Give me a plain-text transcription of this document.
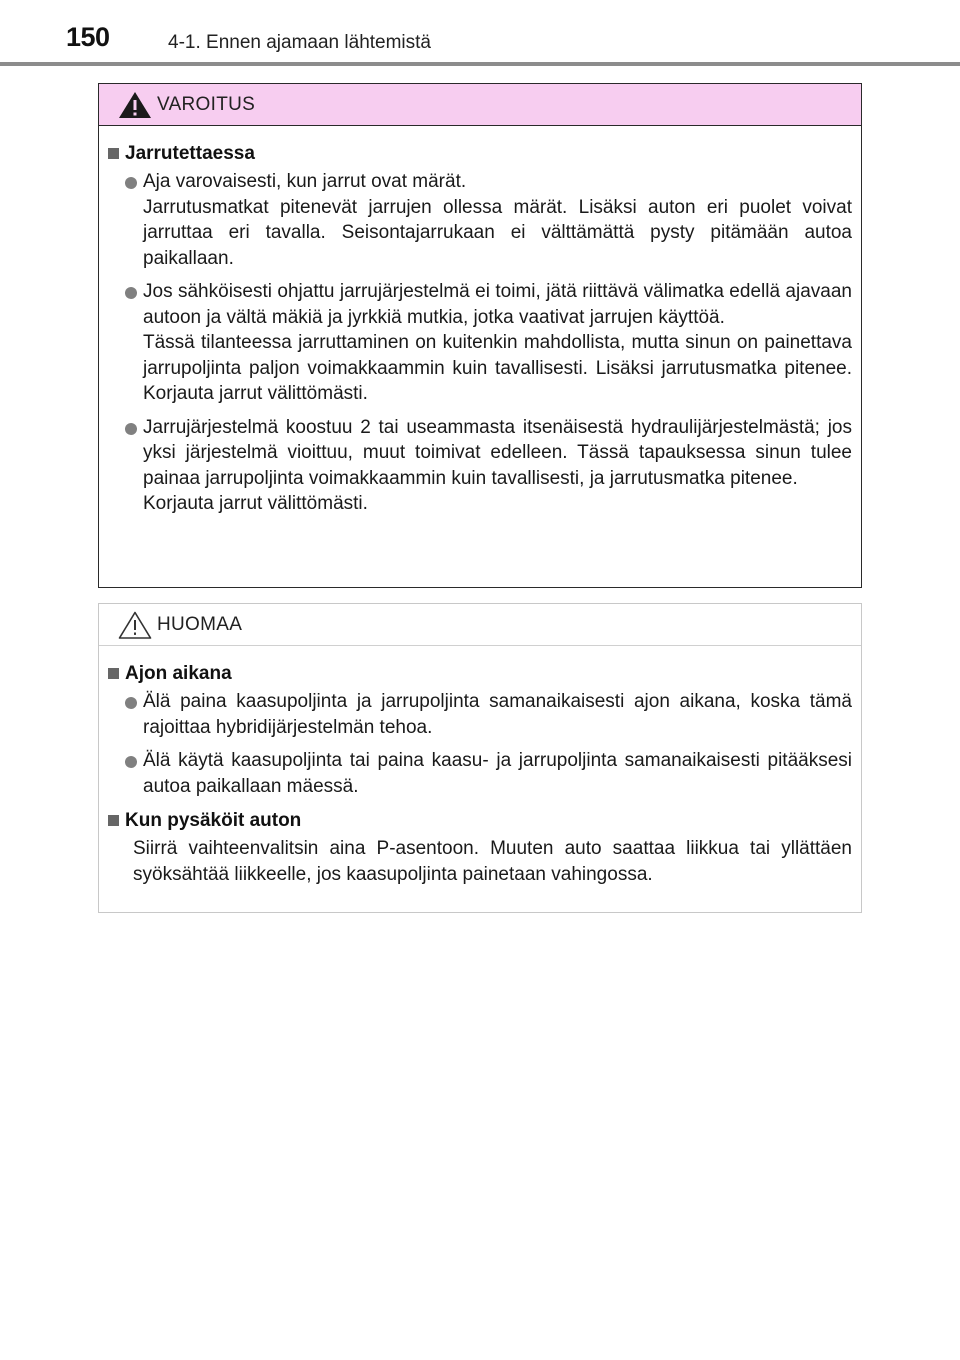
150	4-1. Ennen ajamaan lähtemistä
VAROITUS
Jarrutettaessa

Aja varovaisesti, kun jarrut ovat märät.

Jarrutusmatkat pitenevät jarrujen ollessa märät. Lisäksi auton eri puolet voivat jarruttaa eri tavalla. Seisontajarrukaan ei välttämättä pysty pitämään autoa paikallaan.

Jos sähköisesti ohjattu jarrujärjestelmä ei toimi, jätä riittävä välimatka edellä ajavaan autoon ja vältä mäkiä ja jyrkkiä mutkia, jotka vaativat jarrujen käyttöä.

Tässä tilanteessa jarruttaminen on kuitenkin mahdollista, mutta sinun on painettava jarrupoljinta paljon voimakkaammin kuin tavallisesti. Lisäksi jarrutusmatka pitenee. Korjauta jarrut välittömästi.

Jarrujärjestelmä koostuu 2 tai useammasta itsenäisestä hydraulijärjestelmästä; jos yksi järjestelmä vioittuu, muut toimivat edelleen. Tässä tapauksessa sinun tulee painaa jarrupoljinta voimakkaammin kuin tavallisesti, ja jarrutusmatka pitenee.

Korjauta jarrut välittömästi.

HUOMAA
Ajon aikana

Älä paina kaasupoljinta ja jarrupoljinta samanaikaisesti ajon aikana, koska tämä rajoittaa hybridijärjestelmän tehoa.

Älä käytä kaasupoljinta tai paina kaasu- ja jarrupoljinta samanaikaisesti pitääksesi autoa paikallaan mäessä.

Kun pysäköit auton

Siirrä vaihteenvalitsin aina P-asentoon. Muuten auto saattaa liikkua tai yllättäen syöksähtää liikkeelle, jos kaasupoljinta painetaan vahingossa.
